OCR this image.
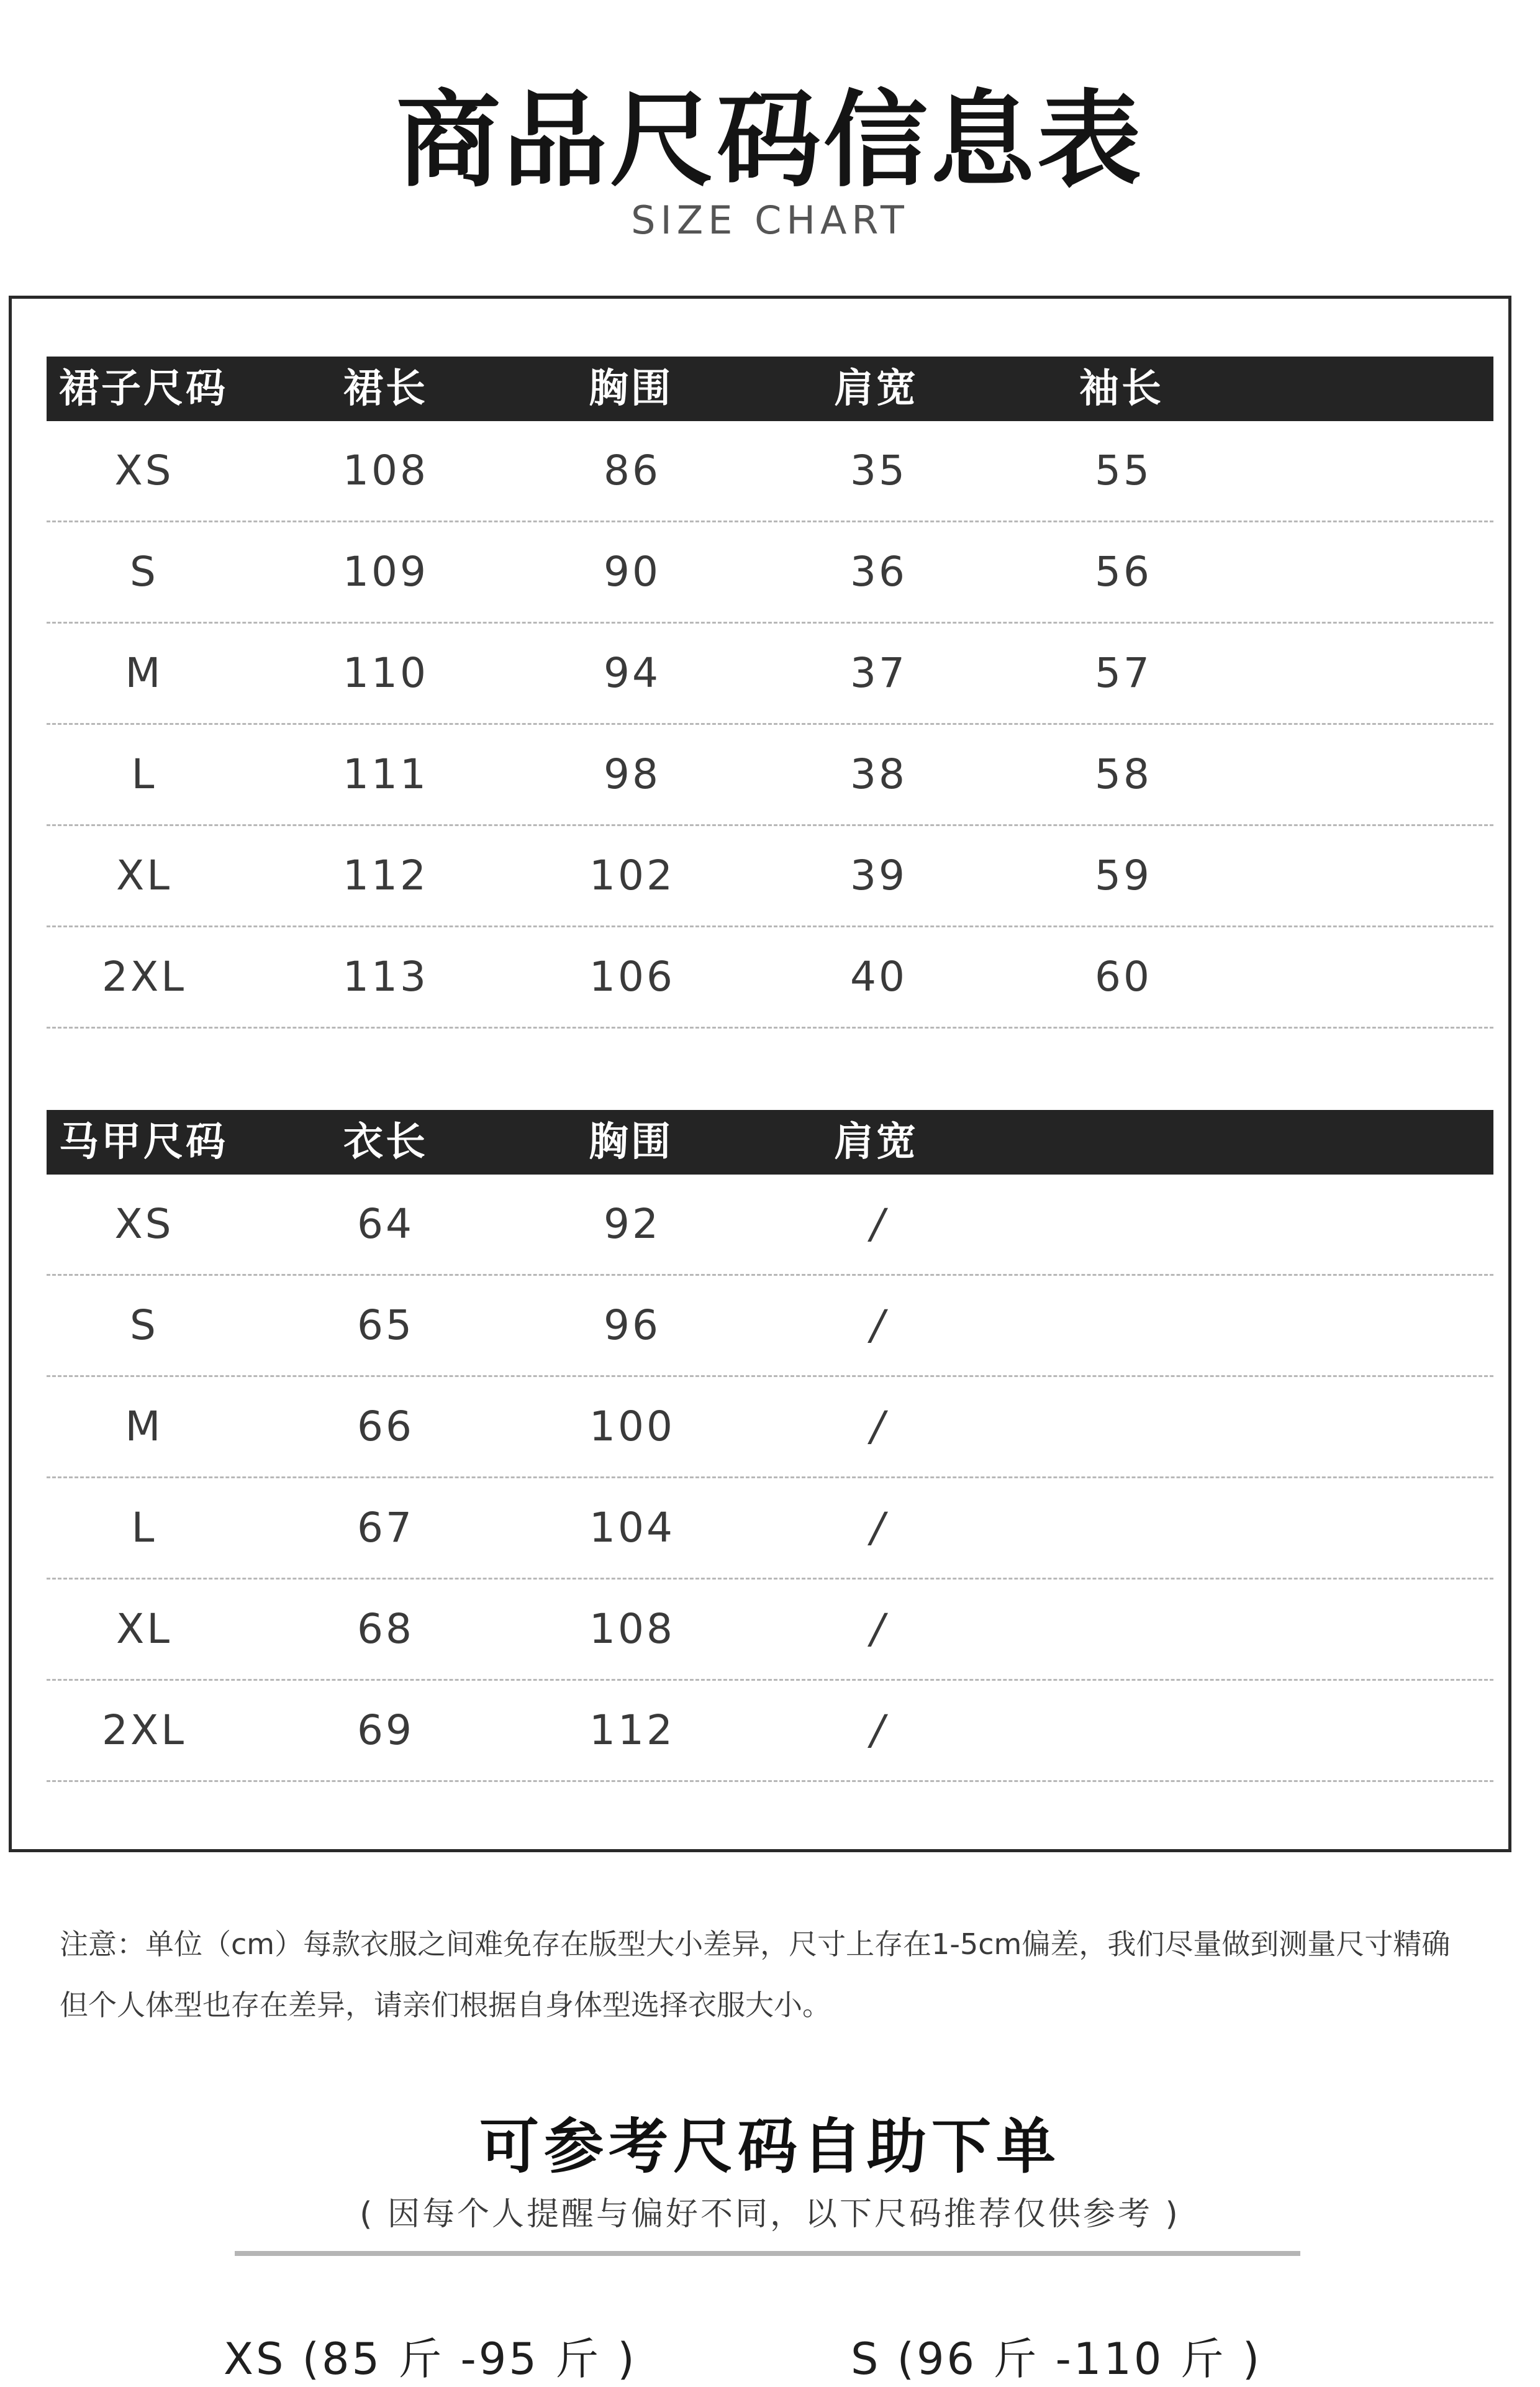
商品尺码信息表
SIZE CHART
裙子尺码	裙长	胸围	肩宽	袖长
XS	108	86	35	55
S	109	90	36	56
M	110	94	37	57
L	111	98	38	58
XL	112	102	39	59
2XL	113	106	40	60
马甲尺码	衣长	胸围	肩宽
XS	64	92	/
S	65	96	/
M	66	100	/
L	67	104	/
XL	68	108	/
2XL	69	112	/
注意：单位（cm）每款衣服之间难免存在版型大小差异，尺寸上存在1-5cm偏差，我们尽量做到测量尺寸精确
但个人体型也存在差异，请亲们根据自身体型选择衣服大小。
可参考尺码自助下单
( 因每个人提醒与偏好不同，以下尺码推荐仅供参考 )
XS (85 斤 -95 斤 )	S (96 斤 -110 斤 )
